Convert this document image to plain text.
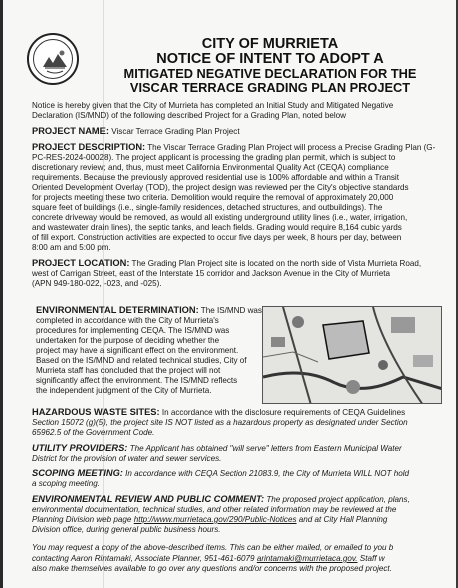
CITY OF MURRIETA
NOTICE OF INTENT TO ADOPT A
MITIGATED NEGATIVE DECLARATION FOR THE
VISCAR TERRACE GRADING PLAN PROJECT
Notice is hereby given that the City of Murrieta has completed an Initial Study and Mitigated Negative
Declaration (IS/MND) of the following described Project for a Grading Plan, noted below
PROJECT NAME: Viscar Terrace Grading Plan Project
PROJECT DESCRIPTION: The Viscar Terrace Grading Plan Project will process a Precise Grading Plan (G-
PC-RES-2024-00028). The project applicant is processing the grading plan permit, which is subject to
discretionary review; and, thus, must meet California Environmental Quality Act (CEQA) compliance
requirements. Because the previously approved residential use is 100% affordable and within a Transit
Oriented Development Overlay (TOD), the project design was reviewed per the City's objective standards
for projects meeting these two criteria. Demolition would require the removal of approximately 20,000
square feet of buildings (i.e., single-family residences, detached structures, and outbuildings). The
concrete driveway would be removed, as would all existing underground utility lines (i.e., water, irrigation,
and wastewater drain lines), the septic tanks, and leach fields. Grading would require 8,164 cubic yards
of fill export. Construction activities are expected to occur five days per week, 8 hours per day, between
8:00 am and 5:00 pm.
PROJECT LOCATION: The Grading Plan Project site is located on the north side of Vista Murrieta Road,
west of Carrigan Street, east of the Interstate 15 corridor and Jackson Avenue in the City of Murrieta
(APN 949-180-022, -023, and -025).
ENVIRONMENTAL DETERMINATION: The IS/MND was
completed in accordance with the City of Murrieta's
procedures for implementing CEQA. The IS/MND was
undertaken for the purpose of deciding whether the
project may have a significant effect on the environment.
Based on the IS/MND and related technical studies, City of
Murrieta staff has concluded that the project will not
significantly affect the environment. The IS/MND reflects
the independent judgment of the City of Murrieta.
HAZARDOUS WASTE SITES: In accordance with the disclosure requirements of CEQA Guidelines
Section 15072 (g)(5), the project site IS NOT listed as a hazardous property as designated under Section
65962.5 of the Government Code.
UTILITY PROVIDERS: The Applicant has obtained "will serve" letters from Eastern Municipal Water
District for the provision of water and sewer services.
SCOPING MEETING: In accordance with CEQA Section 21083.9, the City of Murrieta WILL NOT hold
a scoping meeting.
ENVIRONMENTAL REVIEW AND PUBLIC COMMENT: The proposed project application, plans,
environmental documentation, technical studies, and other related information may be reviewed at the
Planning Division web page http://www.murrietaca.gov/290/Public-Notices and at City Hall Planning
Division office, during general public business hours.
You may request a copy of the above-described items. This can be either mailed, or emailed to you b
contacting Aaron Rintamaki, Associate Planner, 951-461-6079 arintamaki@murrietaca.gov. Staff w
also make themselves available to go over any questions and/or concerns with the proposed project.
